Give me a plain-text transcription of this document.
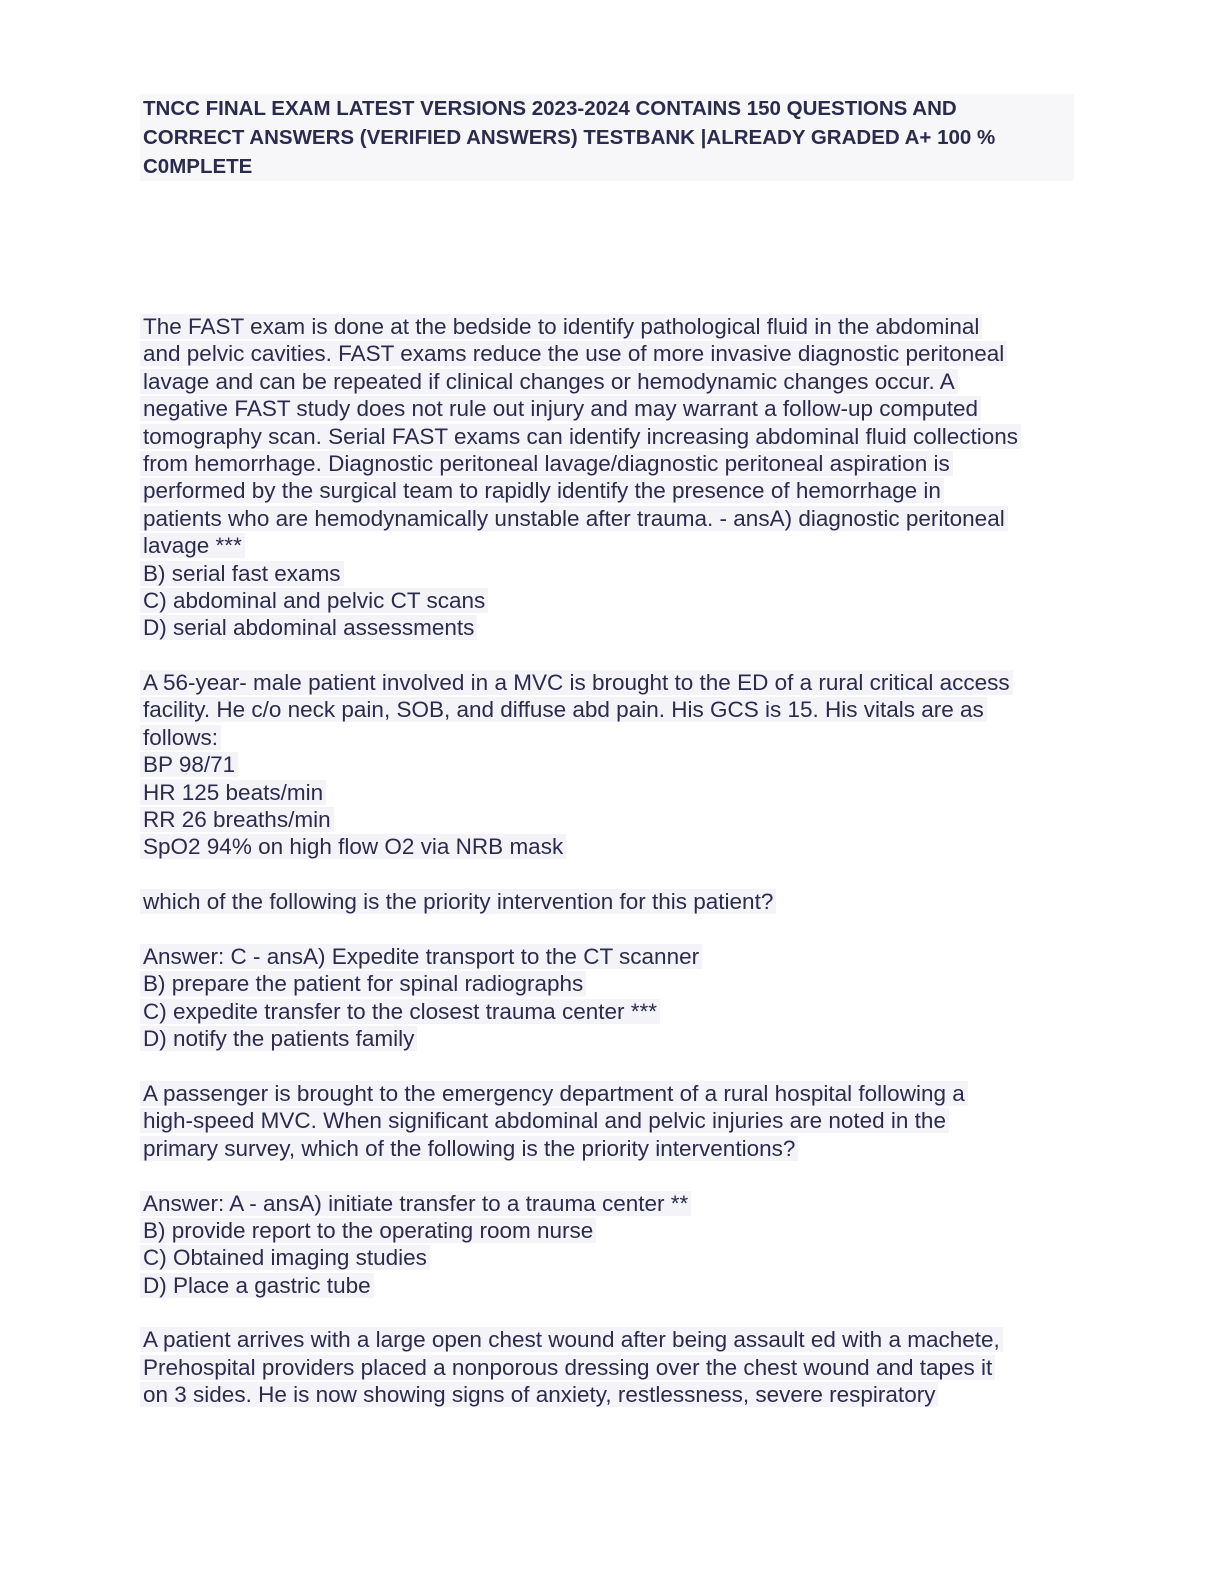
TNCC FINAL EXAM LATEST VERSIONS 2023-2024 CONTAINS 150 QUESTIONS AND
CORRECT ANSWERS (VERIFIED ANSWERS) TESTBANK |ALREADY GRADED A+ 100 %
C0MPLETE
The FAST exam is done at the bedside to identify pathological fluid in the abdominal
and pelvic cavities. FAST exams reduce the use of more invasive diagnostic peritoneal
lavage and can be repeated if clinical changes or hemodynamic changes occur. A
negative FAST study does not rule out injury and may warrant a follow-up computed
tomography scan. Serial FAST exams can identify increasing abdominal fluid collections
from hemorrhage. Diagnostic peritoneal lavage/diagnostic peritoneal aspiration is
performed by the surgical team to rapidly identify the presence of hemorrhage in
patients who are hemodynamically unstable after trauma. - ansA) diagnostic peritoneal
lavage ***
B) serial fast exams
C) abdominal and pelvic CT scans
D) serial abdominal assessments
A 56-year- male patient involved in a MVC is brought to the ED of a rural critical access
facility. He c/o neck pain, SOB, and diffuse abd pain. His GCS is 15. His vitals are as
follows:
BP 98/71
HR 125 beats/min
RR 26 breaths/min
SpO2 94% on high flow O2 via NRB mask
which of the following is the priority intervention for this patient?
Answer: C - ansA) Expedite transport to the CT scanner
B) prepare the patient for spinal radiographs
C) expedite transfer to the closest trauma center ***
D) notify the patients family
A passenger is brought to the emergency department of a rural hospital following a
high-speed MVC. When significant abdominal and pelvic injuries are noted in the
primary survey, which of the following is the priority interventions?
Answer: A - ansA) initiate transfer to a trauma center **
B) provide report to the operating room nurse
C) Obtained imaging studies
D) Place a gastric tube
A patient arrives with a large open chest wound after being assault ed with a machete,
Prehospital providers placed a nonporous dressing over the chest wound and tapes it
on 3 sides. He is now showing signs of anxiety, restlessness, severe respiratory
